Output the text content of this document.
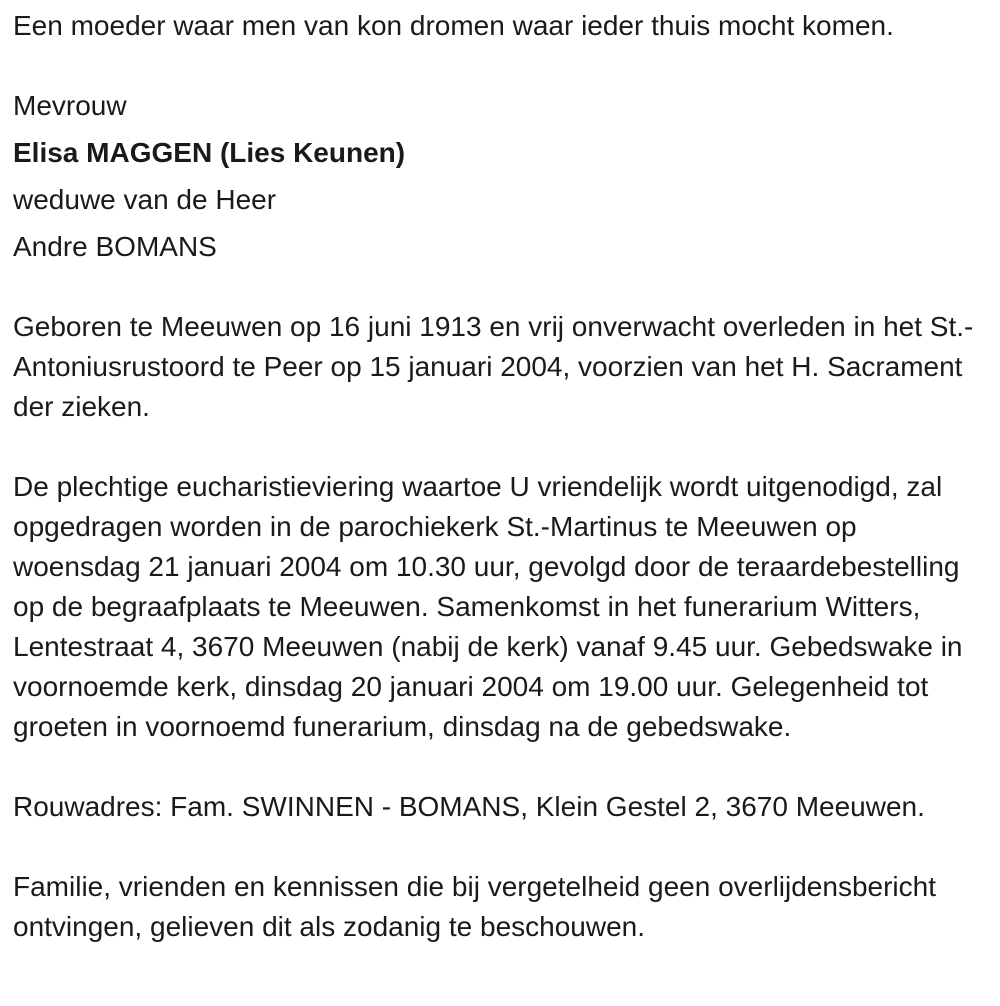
Een moeder waar men van kon dromen waar ieder thuis mocht komen.

Mevrouw

Elisa MAGGEN (Lies Keunen)

weduwe van de Heer

Andre BOMANS

Geboren te Meeuwen op 16 juni 1913 en vrij onverwacht overleden in het St.-Antoniusrustoord te Peer op 15 januari 2004, voorzien van het H. Sacrament der zieken.

De plechtige eucharistieviering waartoe U vriendelijk wordt uitgenodigd, zal opgedragen worden in de parochiekerk St.-Martinus te Meeuwen op woensdag 21 januari 2004 om 10.30 uur, gevolgd door de teraardebestelling op de begraafplaats te Meeuwen. Samenkomst in het funerarium Witters, Lentestraat 4, 3670 Meeuwen (nabij de kerk) vanaf 9.45 uur. Gebedswake in voornoemde kerk, dinsdag 20 januari 2004 om 19.00 uur. Gelegenheid tot groeten in voornoemd funerarium, dinsdag na de gebedswake.

Rouwadres: Fam. SWINNEN - BOMANS, Klein Gestel 2, 3670 Meeuwen.

Familie, vrienden en kennissen die bij vergetelheid geen overlijdensbericht ontvingen, gelieven dit als zodanig te beschouwen.
